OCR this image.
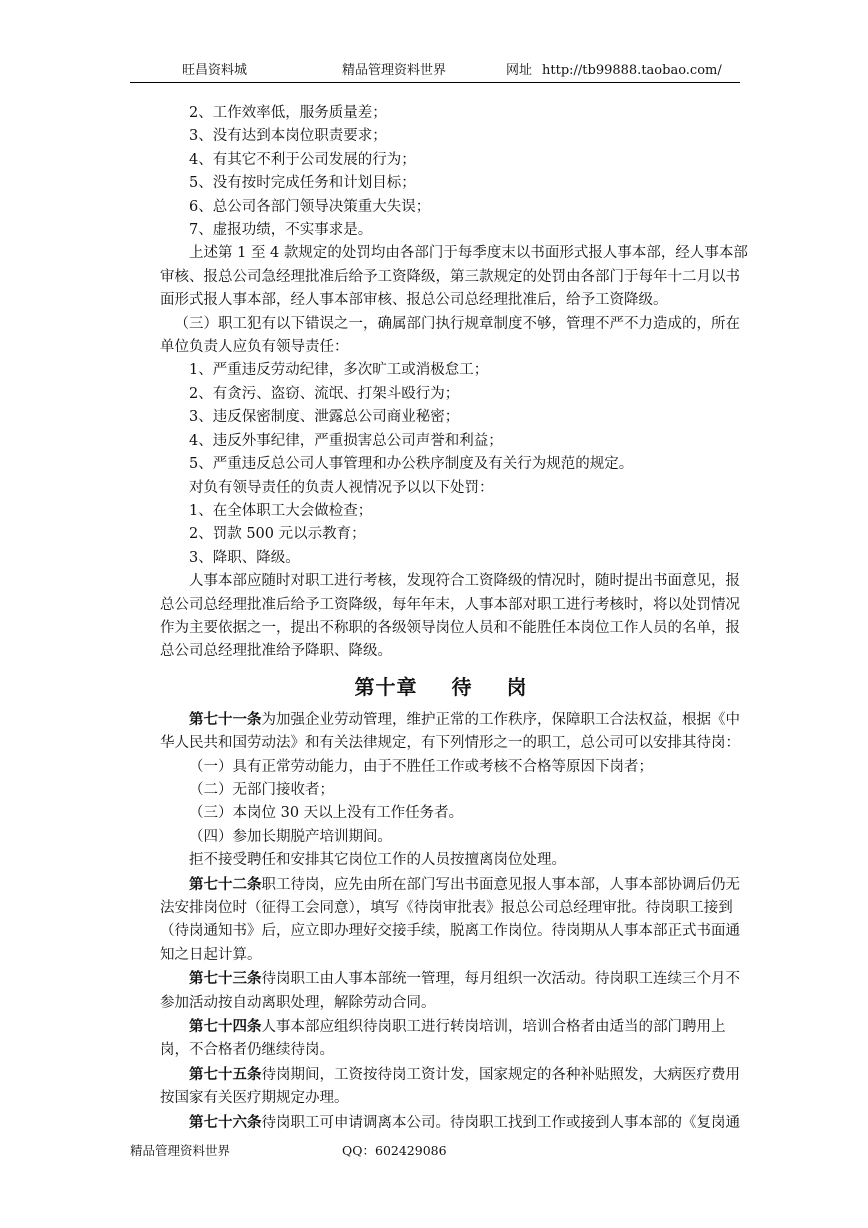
旺昌资料城	精品管理资料世界	网址 http://tb99888.taobao.com/

2、工作效率低，服务质量差；

3、没有达到本岗位职责要求；

4、有其它不利于公司发展的行为；

5、没有按时完成任务和计划目标；

6、总公司各部门领导决策重大失误；

7、虚报功绩，不实事求是。

上述第 1 至 4 款规定的处罚均由各部门于每季度末以书面形式报人事本部，经人事本部审核、报总公司急经理批准后给予工资降级，第三款规定的处罚由各部门于每年十二月以书面形式报人事本部，经人事本部审核、报总公司总经理批准后，给予工资降级。

（三）职工犯有以下错误之一，确属部门执行规章制度不够，管理不严不力造成的，所在单位负责人应负有领导责任：

1、严重违反劳动纪律，多次旷工或消极怠工；

2、有贪污、盗窃、流氓、打架斗殴行为；

3、违反保密制度、泄露总公司商业秘密；

4、违反外事纪律，严重损害总公司声誉和利益；

5、严重违反总公司人事管理和办公秩序制度及有关行为规范的规定。

对负有领导责任的负责人视情况予以以下处罚：

1、在全体职工大会做检查；

2、罚款 500 元以示教育；

3、降职、降级。

人事本部应随时对职工进行考核，发现符合工资降级的情况时，随时提出书面意见，报总公司总经理批准后给予工资降级，每年年末，人事本部对职工进行考核时，将以处罚情况作为主要依据之一，提出不称职的各级领导岗位人员和不能胜任本岗位工作人员的名单，报总公司总经理批准给予降职、降级。

第十章 待 岗

第七十一条为加强企业劳动管理，维护正常的工作秩序，保障职工合法权益，根据《中华人民共和国劳动法》和有关法律规定，有下列情形之一的职工，总公司可以安排其待岗：

（一）具有正常劳动能力，由于不胜任工作或考核不合格等原因下岗者；

（二）无部门接收者；

（三）本岗位 30 天以上没有工作任务者。

（四）参加长期脱产培训期间。

拒不接受聘任和安排其它岗位工作的人员按擅离岗位处理。

第七十二条职工待岗，应先由所在部门写出书面意见报人事本部，人事本部协调后仍无法安排岗位时（征得工会同意），填写《待岗审批表》报总公司总经理审批。待岗职工接到（待岗通知书》后，应立即办理好交接手续，脱离工作岗位。待岗期从人事本部正式书面通知之日起计算。

第七十三条待岗职工由人事本部统一管理，每月组织一次活动。待岗职工连续三个月不参加活动按自动离职处理，解除劳动合同。

第七十四条人事本部应组织待岗职工进行转岗培训，培训合格者由适当的部门聘用上岗，不合格者仍继续待岗。

第七十五条待岗期间，工资按待岗工资计发，国家规定的各种补贴照发，大病医疗费用按国家有关医疗期规定办理。

第七十六条待岗职工可申请调离本公司。待岗职工找到工作或接到人事本部的《复岗通

精品管理资料世界	QQ：602429086
